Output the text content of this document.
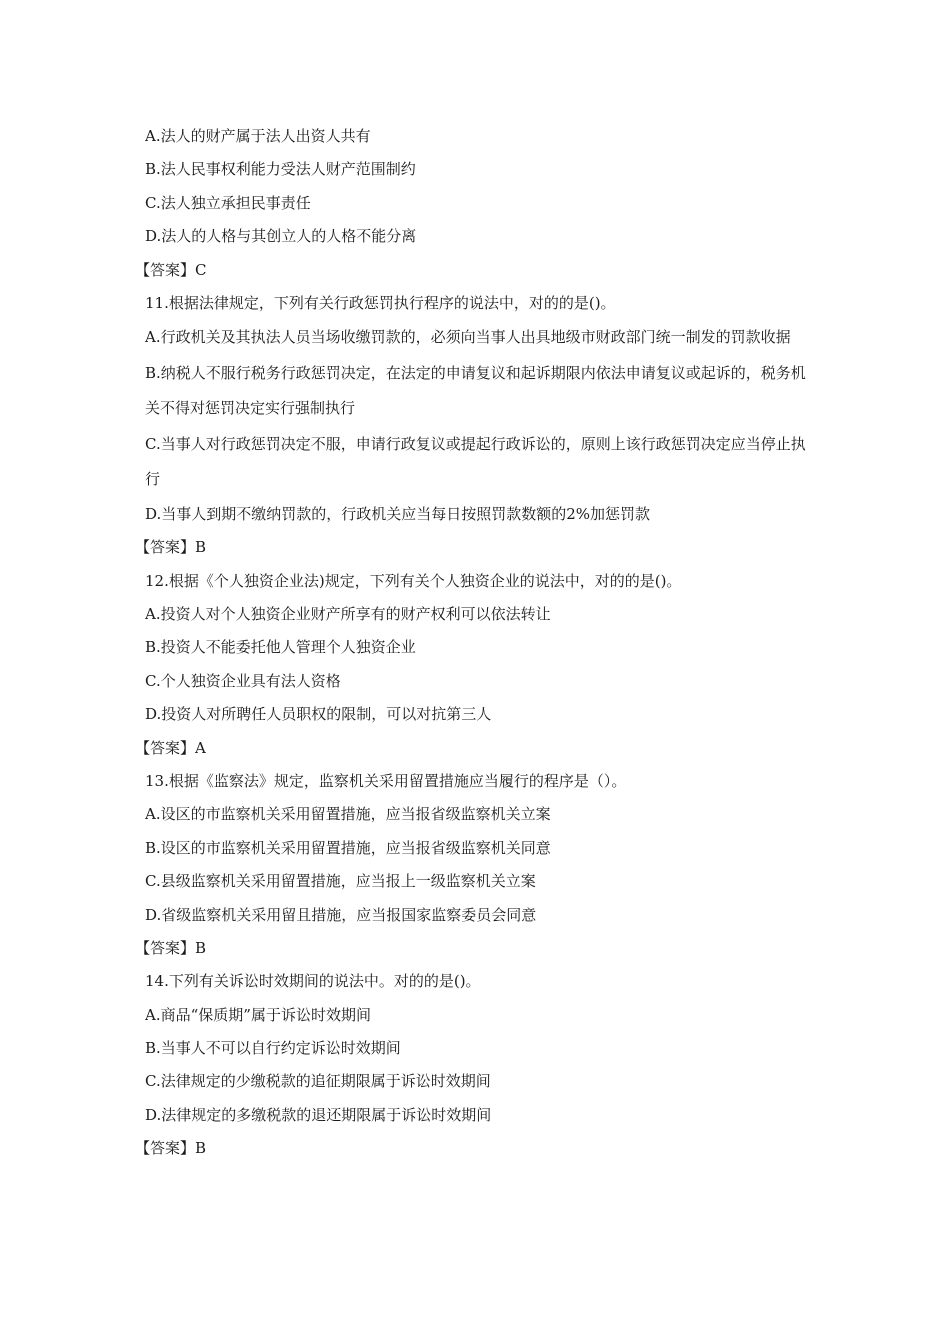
A.法人的财产属于法人出资人共有
B.法人民事权利能力受法人财产范围制约
C.法人独立承担民事责任
D.法人的人格与其创立人的人格不能分离
【答案】C
11.根据法律规定，下列有关行政惩罚执行程序的说法中，对的的是()。
A.行政机关及其执法人员当场收缴罚款的，必须向当事人出具地级市财政部门统一制发的罚款收据
B.纳税人不服行税务行政惩罚决定，在法定的申请复议和起诉期限内依法申请复议或起诉的，税务机关不得对惩罚决定实行强制执行
C.当事人对行政惩罚决定不服，申请行政复议或提起行政诉讼的，原则上该行政惩罚决定应当停止执行
D.当事人到期不缴纳罚款的，行政机关应当每日按照罚款数额的2%加惩罚款
【答案】B
12.根据《个人独资企业法)规定，下列有关个人独资企业的说法中，对的的是()。
A.投资人对个人独资企业财产所享有的财产权利可以依法转让
B.投资人不能委托他人管理个人独资企业
C.个人独资企业具有法人资格
D.投资人对所聘任人员职权的限制，可以对抗第三人
【答案】A
13.根据《监察法》规定，监察机关采用留置措施应当履行的程序是（）。
A.设区的市监察机关采用留置措施，应当报省级监察机关立案
B.设区的市监察机关采用留置措施，应当报省级监察机关同意
C.县级监察机关采用留置措施，应当报上一级监察机关立案
D.省级监察机关采用留且措施，应当报国家监察委员会同意
【答案】B
14.下列有关诉讼时效期间的说法中。对的的是()。
A.商品“保质期”属于诉讼时效期间
B.当事人不可以自行约定诉讼时效期间
C.法律规定的少缴税款的追征期限属于诉讼时效期间
D.法律规定的多缴税款的退还期限属于诉讼时效期间
【答案】B
